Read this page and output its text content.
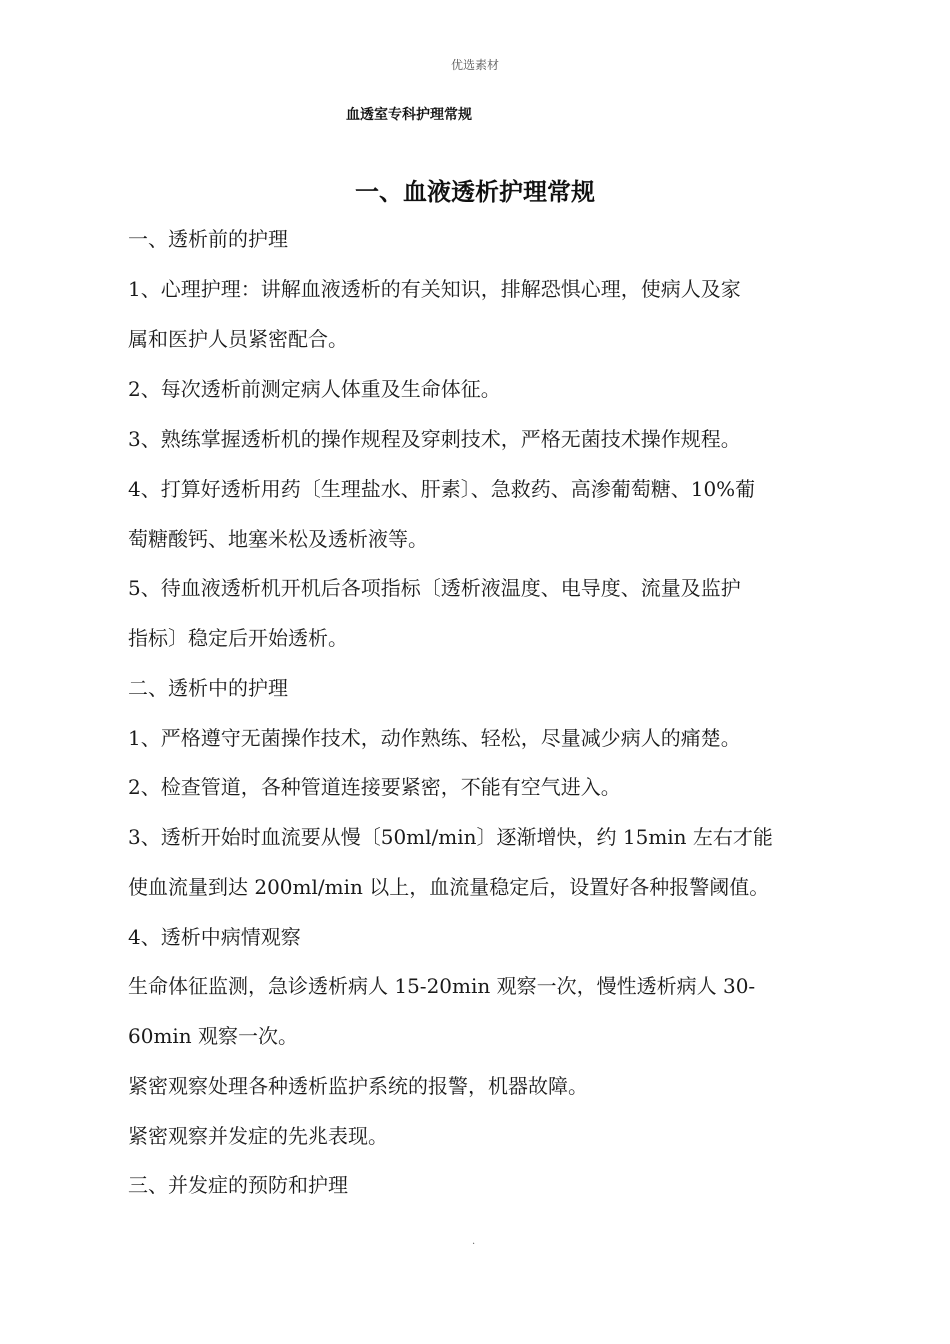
优选素材
血透室专科护理常规
一、血液透析护理常规
一、透析前的护理
1、心理护理：讲解血液透析的有关知识，排解恐惧心理，使病人及家
属和医护人员紧密配合。
2、每次透析前测定病人体重及生命体征。
3、熟练掌握透析机的操作规程及穿刺技术，严格无菌技术操作规程。
4、打算好透析用药〔生理盐水、肝素〕、急救药、高渗葡萄糖、10%葡
萄糖酸钙、地塞米松及透析液等。
5、待血液透析机开机后各项指标〔透析液温度、电导度、流量及监护
指标〕稳定后开始透析。
二、透析中的护理
1、严格遵守无菌操作技术，动作熟练、轻松，尽量减少病人的痛楚。
2、检查管道，各种管道连接要紧密，不能有空气进入。
3、透析开始时血流要从慢〔50ml/min〕逐渐增快，约 15min 左右才能
使血流量到达 200ml/min 以上，血流量稳定后，设置好各种报警阈值。
4、透析中病情观察
生命体征监测，急诊透析病人 15-20min 观察一次，慢性透析病人 30-
60min 观察一次。
紧密观察处理各种透析监护系统的报警，机器故障。
紧密观察并发症的先兆表现。
三、并发症的预防和护理
.
